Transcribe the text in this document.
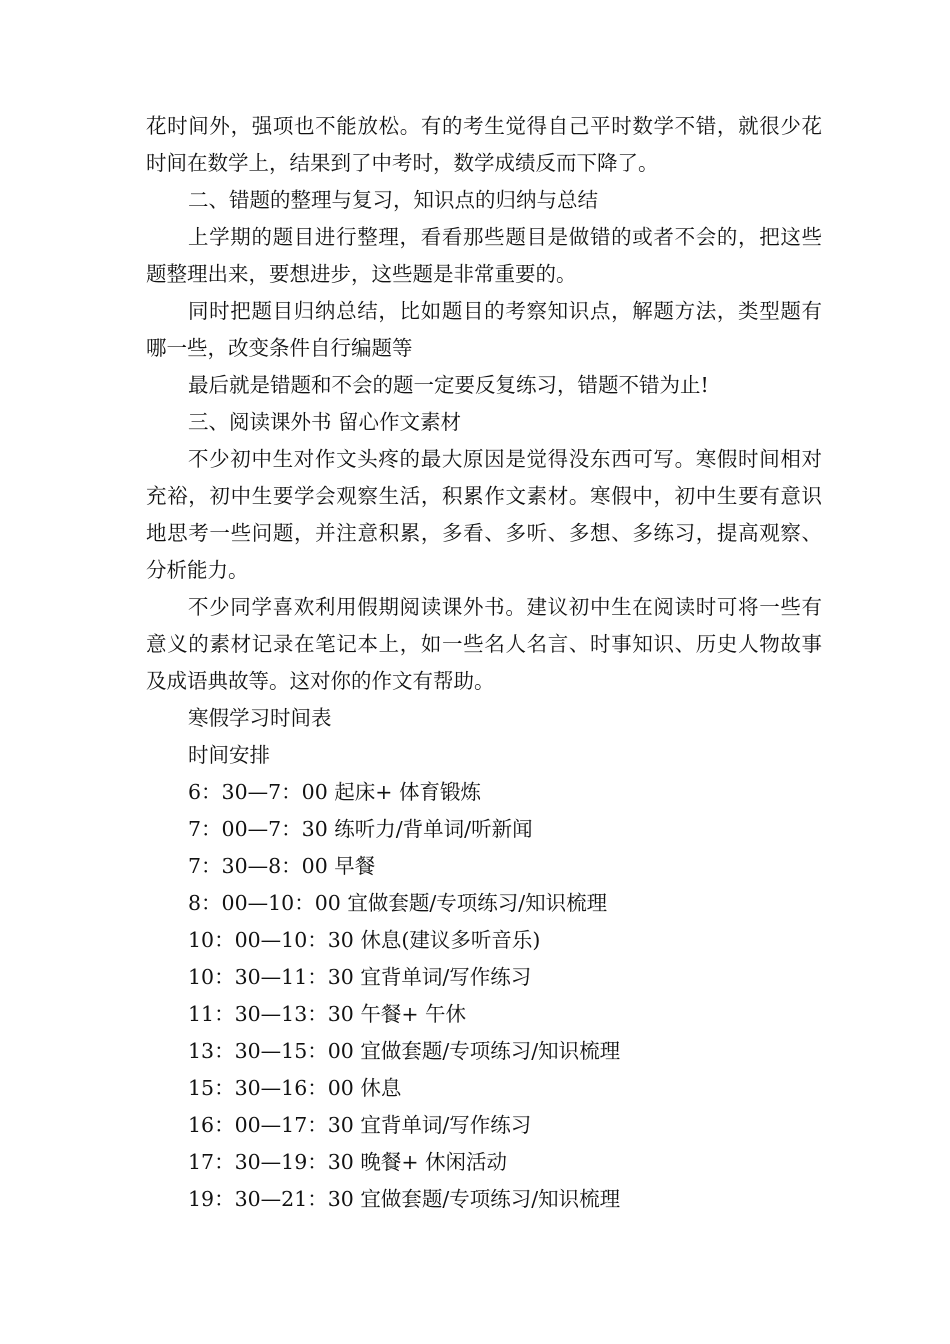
花时间外，强项也不能放松。有的考生觉得自己平时数学不错，就很少花时间在数学上，结果到了中考时，数学成绩反而下降了。

二、错题的整理与复习，知识点的归纳与总结

上学期的题目进行整理，看看那些题目是做错的或者不会的，把这些题整理出来，要想进步，这些题是非常重要的。

同时把题目归纳总结，比如题目的考察知识点，解题方法，类型题有哪一些，改变条件自行编题等

最后就是错题和不会的题一定要反复练习，错题不错为止!

三、阅读课外书 留心作文素材

不少初中生对作文头疼的最大原因是觉得没东西可写。寒假时间相对充裕，初中生要学会观察生活，积累作文素材。寒假中，初中生要有意识地思考一些问题，并注意积累，多看、多听、多想、多练习，提高观察、分析能力。

不少同学喜欢利用假期阅读课外书。建议初中生在阅读时可将一些有意义的素材记录在笔记本上，如一些名人名言、时事知识、历史人物故事及成语典故等。这对你的作文有帮助。

寒假学习时间表

时间安排

6：30—7：00 起床+ 体育锻炼

7：00—7：30 练听力/背单词/听新闻

7：30—8：00 早餐

8：00—10：00 宜做套题/专项练习/知识梳理

10：00—10：30 休息(建议多听音乐)

10：30—11：30 宜背单词/写作练习

11：30—13：30 午餐+ 午休

13：30—15：00 宜做套题/专项练习/知识梳理

15：30—16：00 休息

16：00—17：30 宜背单词/写作练习

17：30—19：30 晚餐+ 休闲活动

19：30—21：30 宜做套题/专项练习/知识梳理
